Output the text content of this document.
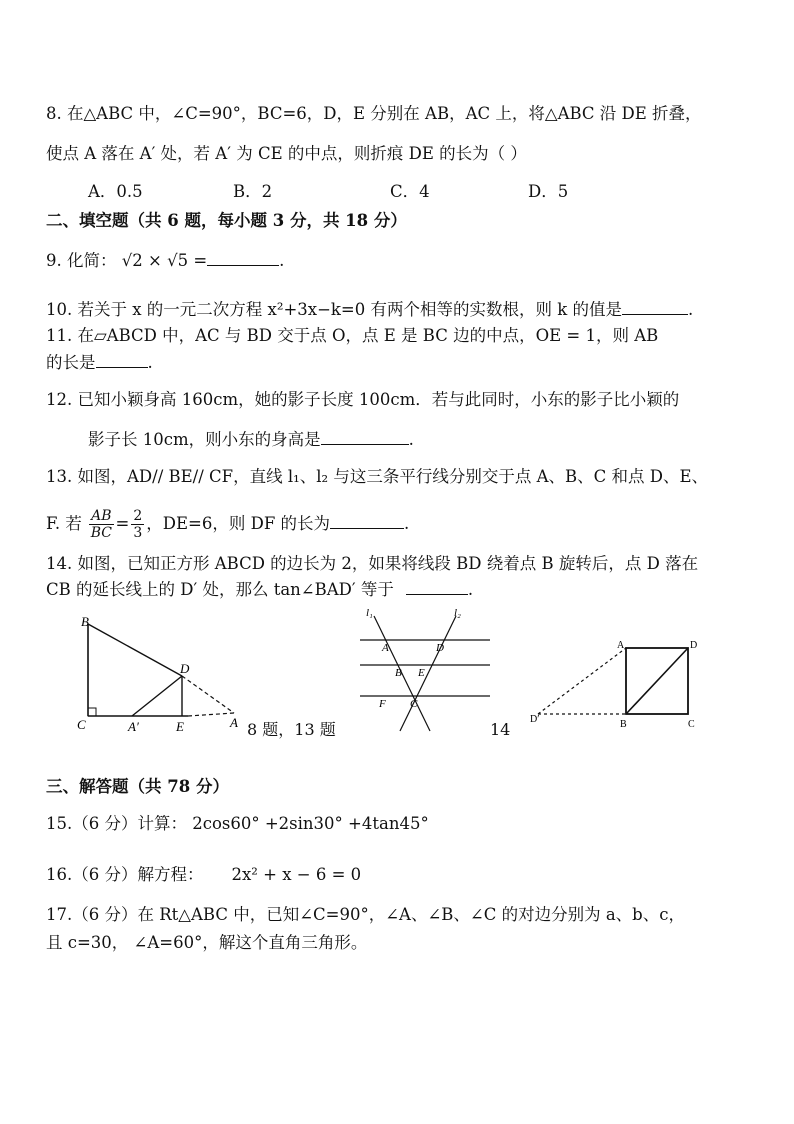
8. 在△ABC 中，∠C=90°，BC=6，D，E 分别在 AB，AC 上，将△ABC 沿 DE 折叠，
使点 A 落在 A′ 处，若 A′ 为 CE 的中点，则折痕 DE 的长为（ ）
A．0.5	B．2	C．4	D．5
二、填空题（共 6 题，每小题 3 分，共 18 分）
9. 化简： √2 × √5 =	.
10. 若关于 x 的一元二次方程 x²+3x−k=0 有两个相等的实数根，则 k 的值是	.
11. 在▱ABCD 中，AC 与 BD 交于点 O，点 E 是 BC 边的中点，OE = 1，则 AB
的长是	.
12. 已知小颖身高 160cm，她的影子长度 100cm．若与此同时，小东的影子比小颖的
影子长 10cm，则小东的身高是	.
13. 如图，AD// BE// CF，直线 l₁、l₂ 与这三条平行线分别交于点 A、B、C 和点 D、E、
F. 若 $\frac{AB}{BC} = \frac{2}{3}$ ，DE=6，则 DF 的长为	.
14. 如图，已知正方形 ABCD 的边长为 2，如果将线段 BD 绕着点 B 旋转后，点 D 落在
CB 的延长线上的 D′ 处，那么 tan∠BAD′ 等于	.
B
C	A′	E	A
D
8 题，13 题
l₁	l₂
A	D
B E
F C
14
A	D
D′	B	C
三、解答题（共 78 分）
15.（6 分）计算： 2cos60° +2sin30° +4tan45°
16.（6 分）解方程： 2x² + x − 6 = 0
17.（6 分）在 Rt△ABC 中，已知∠C=90°，∠A、∠B、∠C 的对边分别为 a、b、c，
且 c=30， ∠A=60°，解这个直角三角形。
